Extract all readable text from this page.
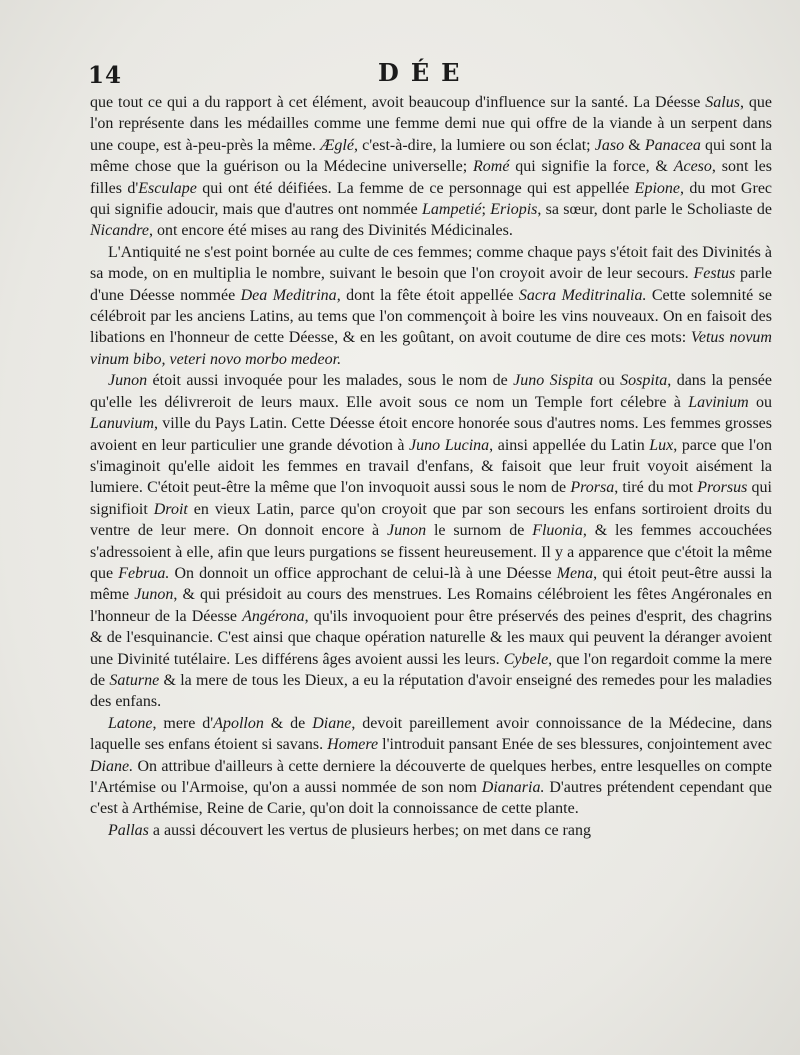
14	DÉE

que tout ce qui a du rapport à cet élément, avoit beaucoup d'influence sur la santé. La Déesse Salus, que l'on représente dans les médailles comme une femme demi nue qui offre de la viande à un serpent dans une coupe, est à-peu-près la même. Æglé, c'est-à-dire, la lumiere ou son éclat; Jaso & Panacea qui sont la même chose que la guérison ou la Médecine universelle; Romé qui signifie la force, & Aceso, sont les filles d'Esculape qui ont été déifiées. La femme de ce personnage qui est appellée Epione, du mot Grec qui signifie adoucir, mais que d'autres ont nommée Lampetié; Eriopis, sa sœur, dont parle le Scholiaste de Nicandre, ont encore été mises au rang des Divinités Médicinales.

L'Antiquité ne s'est point bornée au culte de ces femmes; comme chaque pays s'étoit fait des Divinités à sa mode, on en multiplia le nombre, suivant le besoin que l'on croyoit avoir de leur secours. Festus parle d'une Déesse nommée Dea Meditrina, dont la fête étoit appellée Sacra Meditrinalia. Cette solemnité se célébroit par les anciens Latins, au tems que l'on commençoit à boire les vins nouveaux. On en faisoit des libations en l'honneur de cette Déesse, & en les goûtant, on avoit coutume de dire ces mots: Vetus novum vinum bibo, veteri novo morbo medeor.

Junon étoit aussi invoquée pour les malades, sous le nom de Juno Sispita ou Sospita, dans la pensée qu'elle les délivreroit de leurs maux. Elle avoit sous ce nom un Temple fort célebre à Lavinium ou Lanuvium, ville du Pays Latin. Cette Déesse étoit encore honorée sous d'autres noms. Les femmes grosses avoient en leur particulier une grande dévotion à Juno Lucina, ainsi appellée du Latin Lux, parce que l'on s'imaginoit qu'elle aidoit les femmes en travail d'enfans, & faisoit que leur fruit voyoit aisément la lumiere. C'étoit peut-être la même que l'on invoquoit aussi sous le nom de Prorsa, tiré du mot Prorsus qui signifioit Droit en vieux Latin, parce qu'on croyoit que par son secours les enfans sortiroient droits du ventre de leur mere. On donnoit encore à Junon le surnom de Fluonia, & les femmes accouchées s'adressoient à elle, afin que leurs purgations se fissent heureusement. Il y a apparence que c'étoit la même que Februa. On donnoit un office approchant de celui-là à une Déesse Mena, qui étoit peut-être aussi la même Junon, & qui présidoit au cours des menstrues. Les Romains célébroient les fêtes Angéronales en l'honneur de la Déesse Angérona, qu'ils invoquoient pour être préservés des peines d'esprit, des chagrins & de l'esquinancie. C'est ainsi que chaque opération naturelle & les maux qui peuvent la déranger avoient une Divinité tutélaire. Les différens âges avoient aussi les leurs. Cybele, que l'on regardoit comme la mere de Saturne & la mere de tous les Dieux, a eu la réputation d'avoir enseigné des remedes pour les maladies des enfans.

Latone, mere d'Apollon & de Diane, devoit pareillement avoir connoissance de la Médecine, dans laquelle ses enfans étoient si savans. Homere l'introduit pansant Enée de ses blessures, conjointement avec Diane. On attribue d'ailleurs à cette derniere la découverte de quelques herbes, entre lesquelles on compte l'Artémise ou l'Armoise, qu'on a aussi nommée de son nom Dianaria. D'autres prétendent cependant que c'est à Arthémise, Reine de Carie, qu'on doit la connoissance de cette plante.

Pallas a aussi découvert les vertus de plusieurs herbes; on met dans ce rang
